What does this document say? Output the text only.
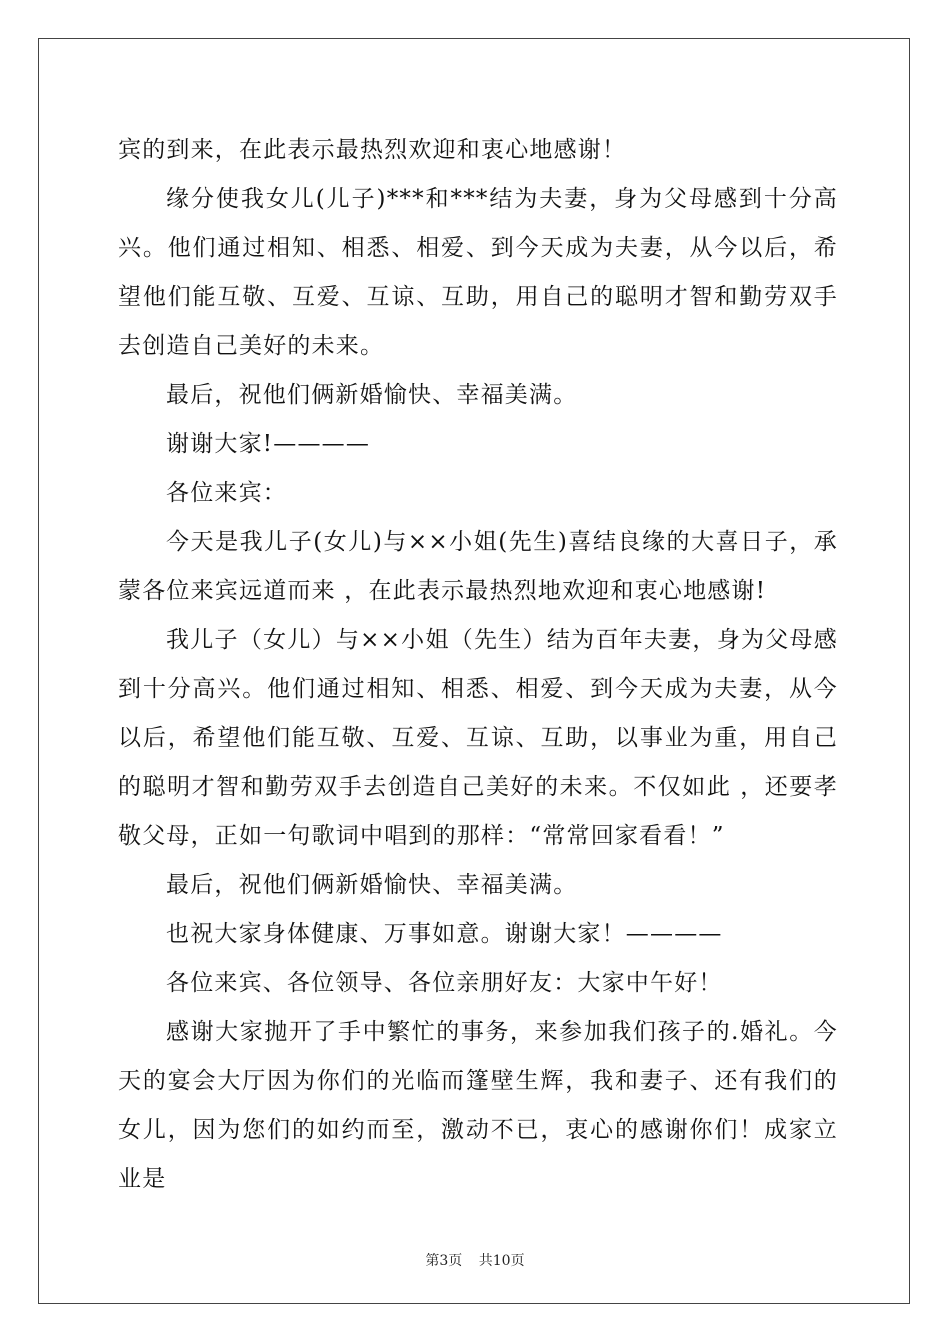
宾的到来，在此表示最热烈欢迎和衷心地感谢！

缘分使我女儿(儿子)***和***结为夫妻，身为父母感到十分高兴。他们通过相知、相悉、相爱、到今天成为夫妻，从今以后，希望他们能互敬、互爱、互谅、互助，用自己的聪明才智和勤劳双手去创造自己美好的未来。

最后，祝他们俩新婚愉快、幸福美满。

谢谢大家!————

各位来宾：

今天是我儿子(女儿)与××小姐(先生)喜结良缘的大喜日子，承蒙各位来宾远道而来 ，在此表示最热烈地欢迎和衷心地感谢!

我儿子（女儿）与××小姐（先生）结为百年夫妻，身为父母感到十分高兴。他们通过相知、相悉、相爱、到今天成为夫妻，从今以后，希望他们能互敬、互爱、互谅、互助，以事业为重，用自己的聪明才智和勤劳双手去创造自己美好的未来。不仅如此 ，还要孝敬父母，正如一句歌词中唱到的那样：“常常回家看看！”

最后，祝他们俩新婚愉快、幸福美满。

也祝大家身体健康、万事如意。谢谢大家！————

各位来宾、各位领导、各位亲朋好友：大家中午好！

感谢大家抛开了手中繁忙的事务，来参加我们孩子的.婚礼。今天的宴会大厅因为你们的光临而篷壁生辉，我和妻子、还有我们的女儿，因为您们的如约而至，激动不已，衷心的感谢你们！成家立业是

第3页 共10页
